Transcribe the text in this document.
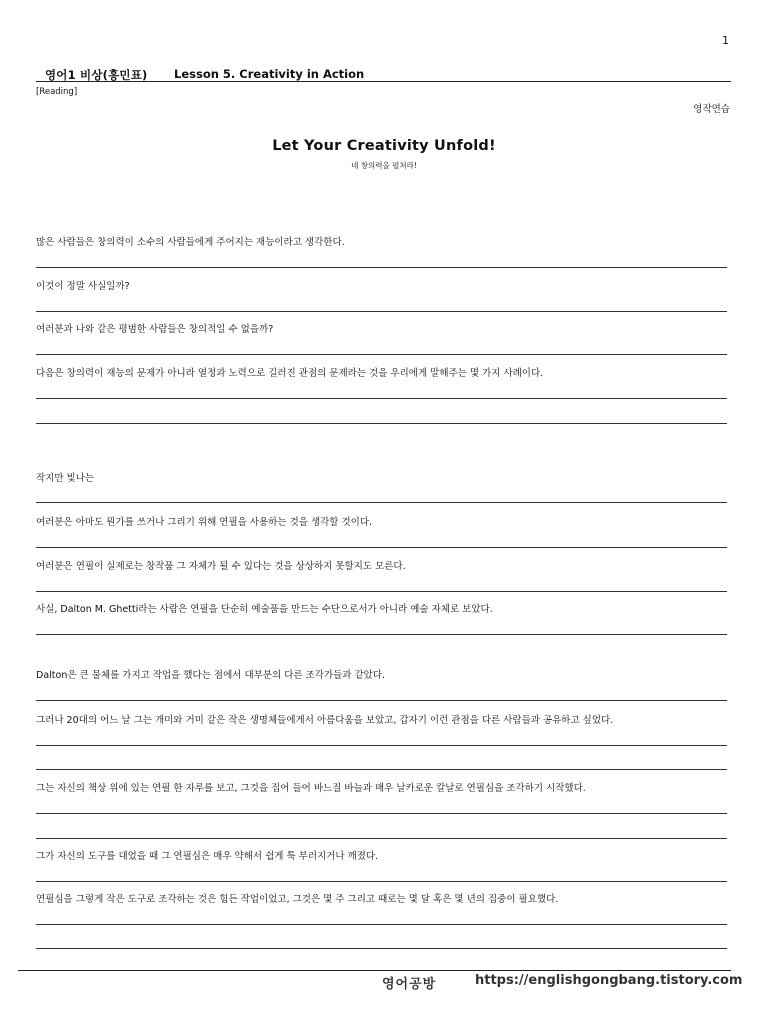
1
영어1 비상(홍민표) Lesson 5. Creativity in Action
[Reading]
영작연습
Let Your Creativity Unfold!
네 창의력을 펼쳐라!
많은 사람들은 창의력이 소수의 사람들에게 주어지는 재능이라고 생각한다.
이것이 정말 사실일까?
여러분과 나와 같은 평범한 사람들은 창의적일 수 없을까?
다음은 창의력이 재능의 문제가 아니라 열정과 노력으로 길러진 관점의 문제라는 것을 우리에게 말해주는 몇 가지 사례이다.
작지만 빛나는
여러분은 아마도 뭔가를 쓰거나 그리기 위해 연필을 사용하는 것을 생각할 것이다.
여러분은 연필이 실제로는 창작품 그 자체가 될 수 있다는 것을 상상하지 못할지도 모른다.
사실, Dalton M. Ghetti라는 사람은 연필을 단순히 예술품을 만드는 수단으로서가 아니라 예술 자체로 보았다.
Dalton은 큰 물체를 가지고 작업을 했다는 점에서 대부분의 다른 조각가들과 같았다.
그러나 20대의 어느 날 그는 개미와 거미 같은 작은 생명체들에게서 아름다움을 보았고, 갑자기 이런 관점을 다른 사람들과 공유하고 싶었다.
그는 자신의 책상 위에 있는 연필 한 자루를 보고, 그것을 집어 들어 바느질 바늘과 매우 날카로운 칼날로 연필심을 조각하기 시작했다.
그가 자신의 도구를 대었을 때 그 연필심은 매우 약해서 쉽게 툭 부러지거나 깨졌다.
연필심을 그렇게 작은 도구로 조각하는 것은 힘든 작업이었고, 그것은 몇 주 그리고 때로는 몇 달 혹은 몇 년의 집중이 필요했다.
영어공방	https://englishgongbang.tistory.com
